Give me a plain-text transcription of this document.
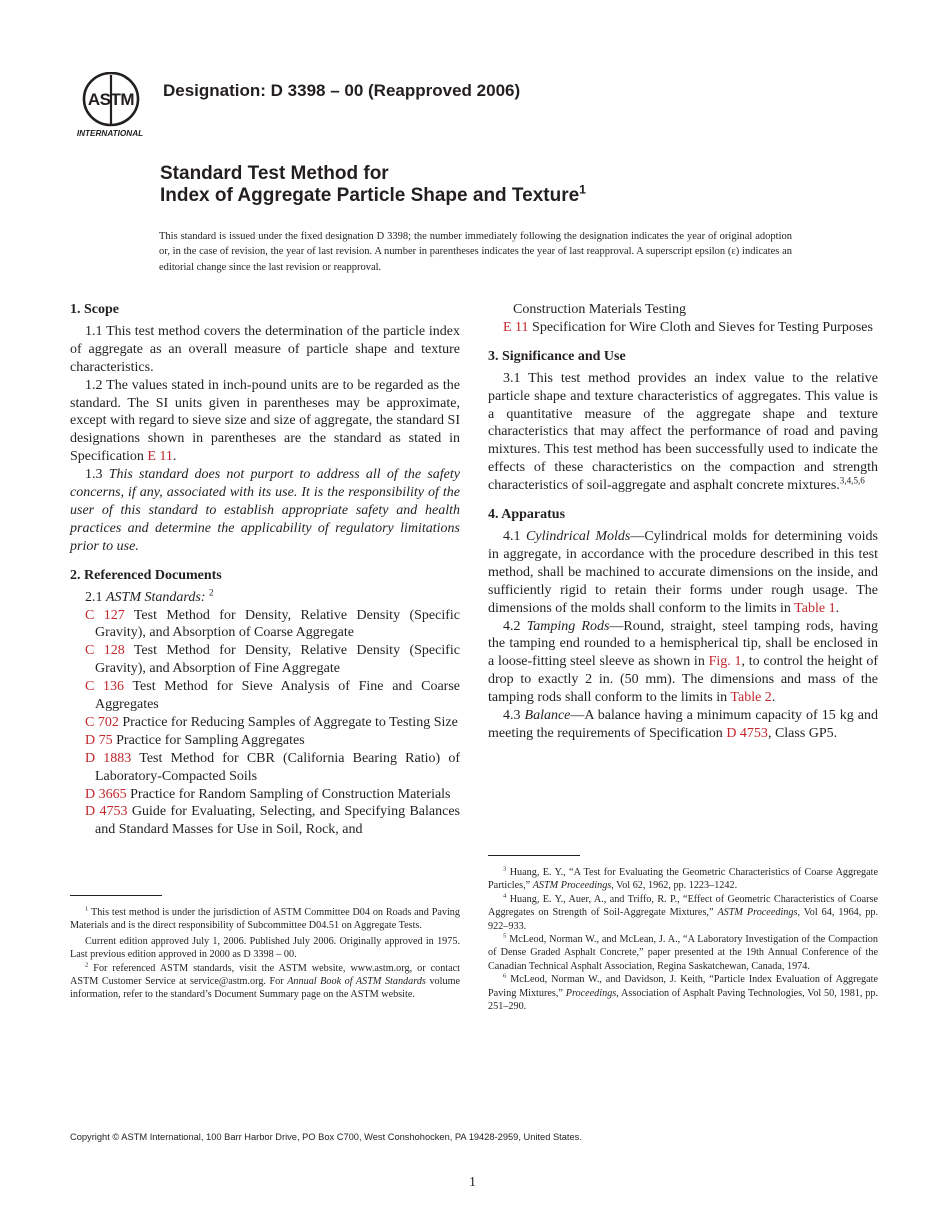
ASTM
INTERNATIONAL
Designation: D 3398 – 00 (Reapproved 2006)
Standard Test Method for
Index of Aggregate Particle Shape and Texture$^1$
This standard is issued under the fixed designation D 3398; the number immediately following the designation indicates the year of original adoption or, in the case of revision, the year of last revision. A number in parentheses indicates the year of last reapproval. A superscript epsilon (ε) indicates an editorial change since the last revision or reapproval.

1. Scope

1.1 This test method covers the determination of the particle index of aggregate as an overall measure of particle shape and texture characteristics.

1.2 The values stated in inch-pound units are to be regarded as the standard. The SI units given in parentheses may be approximate, except with regard to sieve size and size of aggregate, the standard SI designations shown in parentheses are the standard as stated in Specification E 11.

1.3 This standard does not purport to address all of the safety concerns, if any, associated with its use. It is the responsibility of the user of this standard to establish appropriate safety and health practices and determine the applicability of regulatory limitations prior to use.

2. Referenced Documents

2.1 ASTM Standards: $^2$

C 127 Test Method for Density, Relative Density (Specific Gravity), and Absorption of Coarse Aggregate

C 128 Test Method for Density, Relative Density (Specific Gravity), and Absorption of Fine Aggregate

C 136 Test Method for Sieve Analysis of Fine and Coarse Aggregates

C 702 Practice for Reducing Samples of Aggregate to Testing Size

D 75 Practice for Sampling Aggregates

D 1883 Test Method for CBR (California Bearing Ratio) of Laboratory-Compacted Soils

D 3665 Practice for Random Sampling of Construction Materials

D 4753 Guide for Evaluating, Selecting, and Specifying Balances and Standard Masses for Use in Soil, Rock, and

$^1$ This test method is under the jurisdiction of ASTM Committee D04 on Roads and Paving Materials and is the direct responsibility of Subcommittee D04.51 on Aggregate Tests.

Current edition approved July 1, 2006. Published July 2006. Originally approved in 1975. Last previous edition approved in 2000 as D 3398 – 00.

$^2$ For referenced ASTM standards, visit the ASTM website, www.astm.org, or contact ASTM Customer Service at service@astm.org. For Annual Book of ASTM Standards volume information, refer to the standard’s Document Summary page on the ASTM website.

Construction Materials Testing

E 11 Specification for Wire Cloth and Sieves for Testing Purposes

3. Significance and Use

3.1 This test method provides an index value to the relative particle shape and texture characteristics of aggregates. This value is a quantitative measure of the aggregate shape and texture characteristics that may affect the performance of road and paving mixtures. This test method has been successfully used to indicate the effects of these characteristics on the compaction and strength characteristics of soil-aggregate and asphalt concrete mixtures.$^{3,4,5,6}$

4. Apparatus

4.1 Cylindrical Molds—Cylindrical molds for determining voids in aggregate, in accordance with the procedure described in this test method, shall be machined to accurate dimensions on the inside, and sufficiently rigid to retain their forms under rough usage. The dimensions of the molds shall conform to the limits in Table 1.

4.2 Tamping Rods—Round, straight, steel tamping rods, having the tamping end rounded to a hemispherical tip, shall be enclosed in a loose-fitting steel sleeve as shown in Fig. 1, to control the height of drop to exactly 2 in. (50 mm). The dimensions and mass of the tamping rods shall conform to the limits in Table 2.

4.3 Balance—A balance having a minimum capacity of 15 kg and meeting the requirements of Specification D 4753, Class GP5.

$^3$ Huang, E. Y., “A Test for Evaluating the Geometric Characteristics of Coarse Aggregate Particles,” ASTM Proceedings, Vol 62, 1962, pp. 1223–1242.

$^4$ Huang, E. Y., Auer, A., and Triffo, R. P., “Effect of Geometric Characteristics of Coarse Aggregates on Strength of Soil-Aggregate Mixtures,” ASTM Proceedings, Vol 64, 1964, pp. 922–933.

$^5$ McLeod, Norman W., and McLean, J. A., “A Laboratory Investigation of the Compaction of Dense Graded Asphalt Concrete,” paper presented at the 19th Annual Conference of the Canadian Technical Asphalt Association, Regina Saskatchewan, Canada, 1974.

$^6$ McLeod, Norman W., and Davidson, J. Keith, “Particle Index Evaluation of Aggregate Paving Mixtures,” Proceedings, Association of Asphalt Paving Technologies, Vol 50, 1981, pp. 251–290.

Copyright © ASTM International, 100 Barr Harbor Drive, PO Box C700, West Conshohocken, PA 19428-2959, United States.
1
